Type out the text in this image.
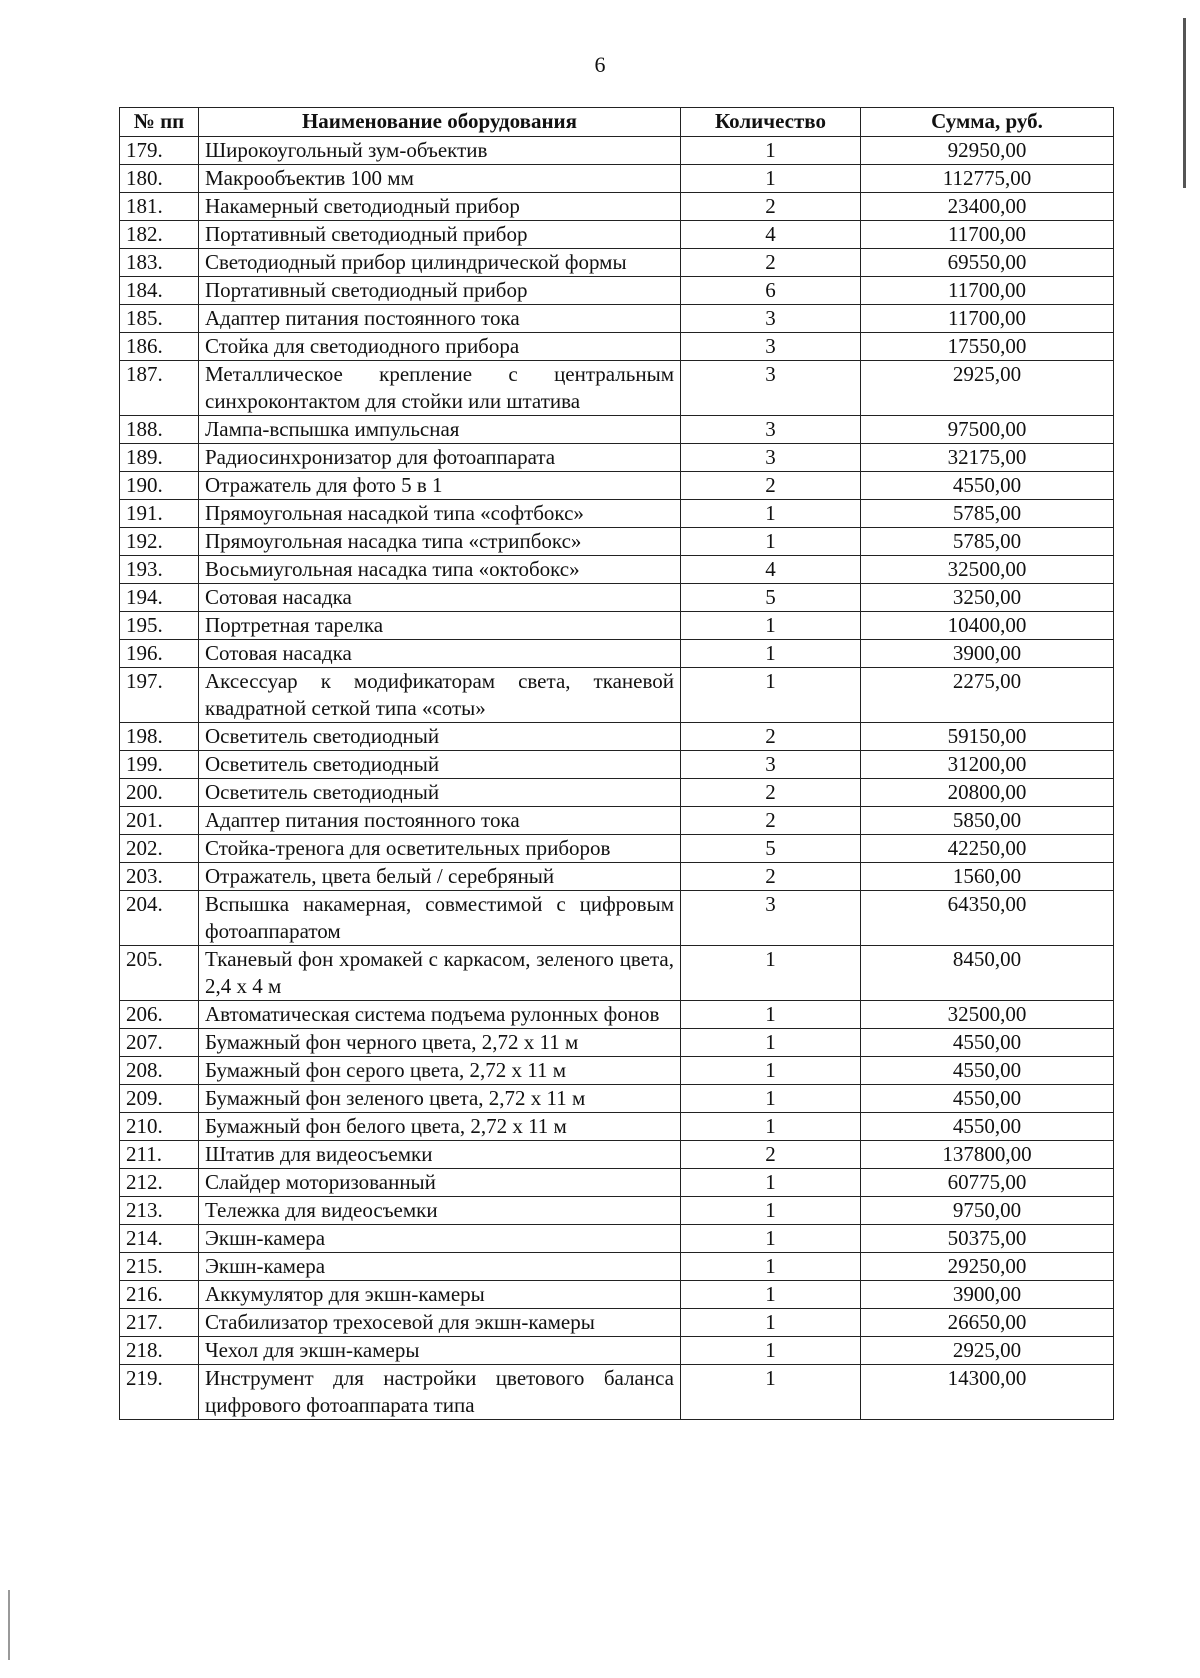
6
№ пп	Наименование оборудования	Количество	Сумма, руб.
179.	Широкоугольный зум-объектив	1	92950,00
180.	Макрообъектив 100 мм	1	112775,00
181.	Накамерный светодиодный прибор	2	23400,00
182.	Портативный светодиодный прибор	4	11700,00
183.	Светодиодный прибор цилиндрической формы	2	69550,00
184.	Портативный светодиодный прибор	6	11700,00
185.	Адаптер питания постоянного тока	3	11700,00
186.	Стойка для светодиодного прибора	3	17550,00
187.	Металлическое крепление с центральным синхроконтактом для стойки или штатива	3	2925,00
188.	Лампа-вспышка импульсная	3	97500,00
189.	Радиосинхронизатор для фотоаппарата	3	32175,00
190.	Отражатель для фото 5 в 1	2	4550,00
191.	Прямоугольная насадкой типа «софтбокс»	1	5785,00
192.	Прямоугольная насадка типа «стрипбокс»	1	5785,00
193.	Восьмиугольная насадка типа «октобокс»	4	32500,00
194.	Сотовая насадка	5	3250,00
195.	Портретная тарелка	1	10400,00
196.	Сотовая насадка	1	3900,00
197.	Аксессуар к модификаторам света, тканевой квадратной сеткой типа «соты»	1	2275,00
198.	Осветитель светодиодный	2	59150,00
199.	Осветитель светодиодный	3	31200,00
200.	Осветитель светодиодный	2	20800,00
201.	Адаптер питания постоянного тока	2	5850,00
202.	Стойка-тренога для осветительных приборов	5	42250,00
203.	Отражатель, цвета белый / серебряный	2	1560,00
204.	Вспышка накамерная, совместимой с цифровым фотоаппаратом	3	64350,00
205.	Тканевый фон хромакей с каркасом, зеленого цвета, 2,4 х 4 м	1	8450,00
206.	Автоматическая система подъема рулонных фонов	1	32500,00
207.	Бумажный фон черного цвета, 2,72 х 11 м	1	4550,00
208.	Бумажный фон серого цвета, 2,72 х 11 м	1	4550,00
209.	Бумажный фон зеленого цвета, 2,72 х 11 м	1	4550,00
210.	Бумажный фон белого цвета, 2,72 х 11 м	1	4550,00
211.	Штатив для видеосъемки	2	137800,00
212.	Слайдер моторизованный	1	60775,00
213.	Тележка для видеосъемки	1	9750,00
214.	Экшн-камера	1	50375,00
215.	Экшн-камера	1	29250,00
216.	Аккумулятор для экшн-камеры	1	3900,00
217.	Стабилизатор трехосевой для экшн-камеры	1	26650,00
218.	Чехол для экшн-камеры	1	2925,00
219.	Инструмент для настройки цветового баланса цифрового фотоаппарата типа	1	14300,00
